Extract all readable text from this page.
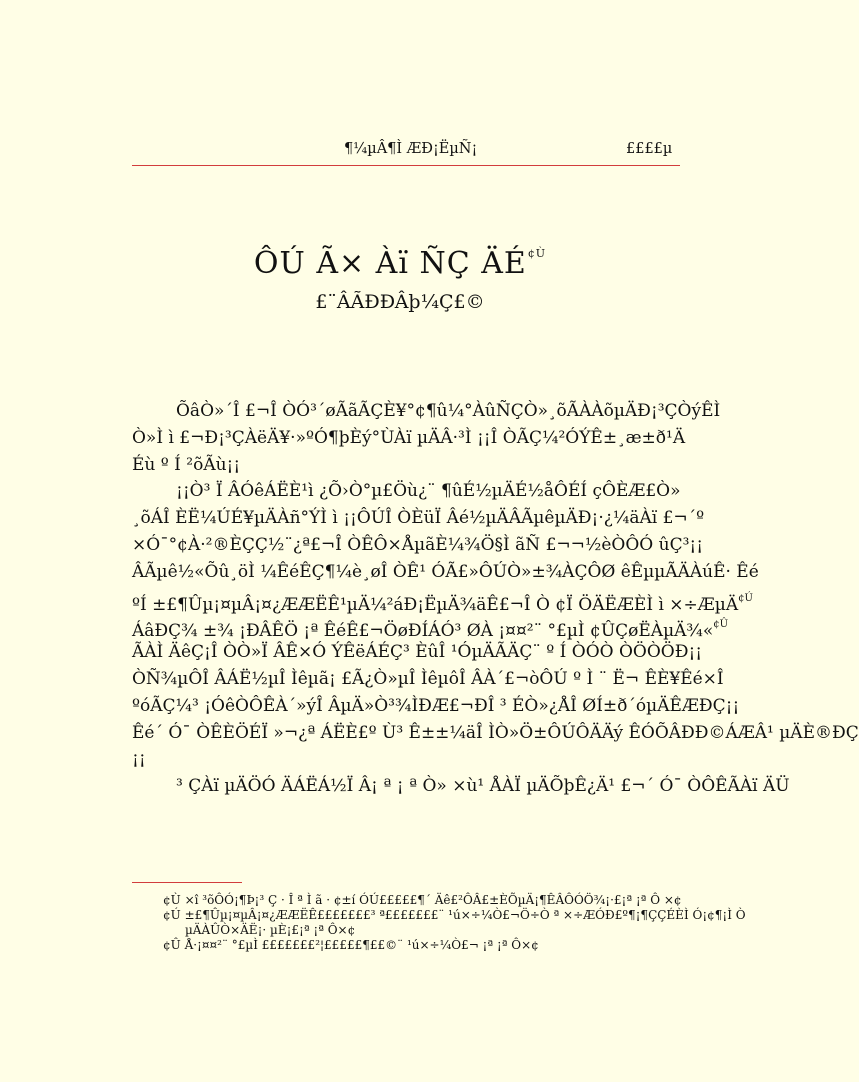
¶¼µÂ¶Ì ÆÐ¡ËµÑ¡	££££µ
ÔÚ Ã× Àï ÑÇ $ÄÉ^{¢Ù}$
£¨ÂÃÐÐÂþ¼Ç£©
ÕâÒ»´Î £¬Î ÒÓ³´øÃãÃÇÈ¥°¢¶û¼°ÀûÑÇÒ»¸õÃÀÀõµÄÐ¡³ÇÒýÊÌ
Ò»Ì ì £¬Ð¡³ÇÀëÄ¥·»ºÓ¶þÈý°ÙÀï µÄÂ·³Ì ¡¡Î ÒÃÇ¼²ÓÝÊ±¸æ±ð¹Ä
Éù º Í ²õÃù¡¡
¡¡Ò³ Ï ÂÓêÁËÈ¹ì ¿Õ›Ò°µ£Öù¿¨ ¶ûÉ½µÄÉ½åÔÉÍ çÔÈÆ£Ò»
¸õÁÎ ÈË¼ÚÉ¥µÄÀñ°ÝÌ ì ¡¡ÔÚÎ ÒÈüÏ Âé½µÄÂÃµêµÄÐ¡·¿¼äÀï £¬´º
×Ó¯°¢À·²®ÈÇÇ½¨¿ª£¬Î ÒÊÔ×ÅµãÈ¼¾Ö§Ì ãÑ £¬¬½èÒÔÓ ûÇ³¡¡
ÂÃµê½«Õû¸öÌ ¼ÊéÊÇ¶¼è¸øÎ ÒÊ¹ ÓÃ£»ÔÚÒ»±¾ÀÇÔØ êÊµµÃÄÀúÊ· Êé
ºÍ ±£¶Ûµ¡¤µÂ¡¤¿ÆÆËÊ¹µÄ¼²áÐ¡ËµÄ¾äÊ£¬Î Ò ¢Ï ÖÄËÆÈÌ ì ×÷ÆµÄ$^{¢Ú}$
ÁâÐÇ¾ ±¾ ¡ÐÂÊÖ ¡ª ÊéÊ£¬ÖøÐÍÁÓ³ ØÀ ¡¤¤²¨ °£µÌ ¢ÛÇøËÀµÄ¾«$^{¢Û}$
ÃÀÌ ÄêÇ¡Î ÒÒ»Ï ÂÊ×Ó ÝÊëÁÉÇ³ ÈûÎ ¹ÓµÄÃÄÇ¨ º Í ÒÓÒ ÒÖÒÖÐ¡¡
ÒÑ¾µÔÎ ÂÁË½µÎ Ìêµã¡ £Ã¿Ò»µÎ ÌêµôÎ ÂÀ´£¬òÔÚ º Ì ¨ Ë¬ ÊÈ¥Êé×Î
ºóÃÇ¼³ ¡ÓêÒÔÊÀ´»ýÎ ÂµÄ»Ò³¾ÌÐÆ£¬ÐÎ ³ ÉÒ»¿ÅÎ ØÍ±ð´óµÄÊÆÐÇ¡¡
Êé´ Ó¯ ÒÊÈÖÉÏ »¬¿ª ÁËÈ£º Ù³ Ê±±¼äÎ ÌÒ»Ö±ÔÚÔÄÄý ÊÓÕÂÐÐ©ÁÆÂ¹ µÄÈ®ÐÇ
¡¡
³ ÇÀï µÄÖÓ ÄÁËÁ½Ï Â¡ ª ¡ ª Ò» ×ù¹ ÅÀÏ µÄÕþÊ¿Ä¹ £¬´ Ó¯ ÒÔÊÃÀï ÄÜ
¢Ù ×î ³õÔÓ¡¶Þ¡³ Ç · Î ª Ì ã · ¢±í ÓÚ£££££¶´ Äê£²ÔÂ£±ÈÕµÄ¡¶ÊÂÔÓÖ¾¡·£¡ª ¡ª Ô ×¢
¢Ú ±£¶Ûµ¡¤µÂ¡¤¿ÆÆËÊ£££££££³ ª£££££££¨ ¹ú×÷¼Ò£¬Ö÷Ò ª ×÷ÆÓÐ£º¶¡¶ÇÇÉÈÌ Ó¡¢¶¡Ì Ò
µÄÀÛÒ×ÄË¡· µÈ¡£¡ª ¡ª Ô×¢
¢Û Å·¡¤¤²¨ °£µÌ £££££££²¦£££££¶££©¨ ¹ú×÷¼Ò£¬ ¡ª ¡ª Ô×¢
